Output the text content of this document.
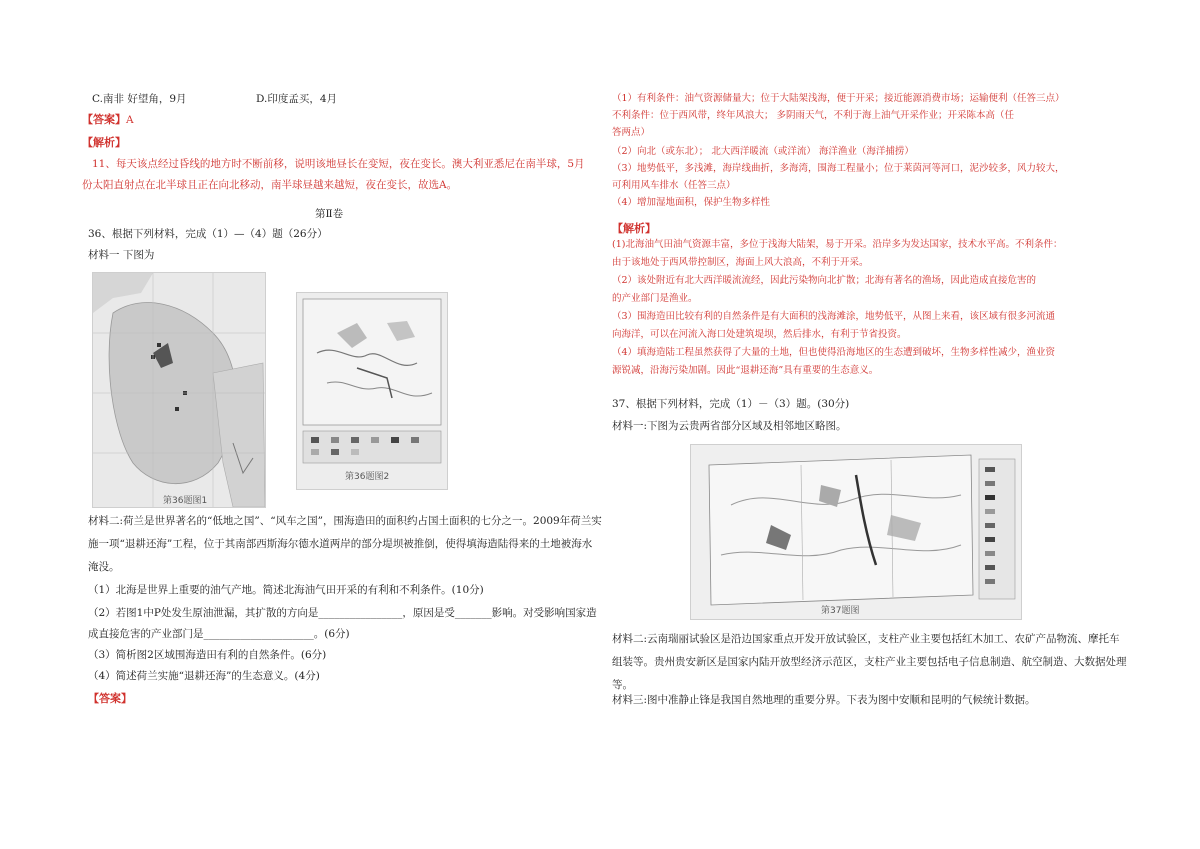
C.南非 好望角，9月	D.印度孟买，4月
【答案】A
【解析】
11、每天该点经过昏线的地方时不断前移，说明该地昼长在变短，夜在变长。澳大利亚悉尼在南半球，5月
份太阳直射点在北半球且正在向北移动，南半球昼越来越短，夜在变长，故选A。
第Ⅱ卷
36、根据下列材料，完成（1）—（4）题（26分）
材料一 下图为
第36题图1
第36题图2
材料二:荷兰是世界著名的“低地之国”、“风车之国”，围海造田的面积约占国土面积的七分之一。2009年荷兰实
施一项“退耕还海”工程，位于其南部西斯海尔德水道两岸的部分堤坝被推倒，使得填海造陆得来的土地被海水
淹没。
（1）北海是世界上重要的油气产地。简述北海油气田开采的有利和不利条件。(10分)
（2）若图1中P处发生原油泄漏，其扩散的方向是________________，原因是受_______影响。对受影响国家造
成直接危害的产业部门是_____________________。(6分)
（3）简析图2区域围海造田有利的自然条件。(6分)
（4）简述荷兰实施“退耕还海”的生态意义。(4分)
【答案】
（1）有利条件：油气资源储量大；位于大陆架浅海，便于开采；接近能源消费市场；运输便利（任答三点）
不利条件：位于西风带，终年风浪大； 多阴雨天气，不利于海上油气开采作业；开采陈本高（任
答两点）
（2）向北（或东北）； 北大西洋暖流（或洋流） 海洋渔业（海洋捕捞）
（3）地势低平，多浅滩，海岸线曲折，多海湾，围海工程量小；位于莱茵河等河口，泥沙较多，风力较大，
可利用风车排水（任答三点）
（4）增加湿地面积，保护生物多样性
【解析】
(1)北海油气田油气资源丰富，多位于浅海大陆架，易于开采。沿岸多为发达国家，技术水平高。不利条件：
由于该地处于西风带控制区，海面上风大浪高，不利于开采。
（2）该处附近有北大西洋暖流流经，因此污染物向北扩散；北海有著名的渔场，因此造成直接危害的
的产业部门是渔业。
（3）围海造田比较有利的自然条件是有大面积的浅海滩涂，地势低平，从图上来看，该区域有很多河流通
向海洋，可以在河流入海口处建筑堤坝，然后排水，有利于节省投资。
（4）填海造陆工程虽然获得了大量的土地，但也使得沿海地区的生态遭到破坏，生物多样性减少，渔业资
源锐减，沿海污染加剧。因此“退耕还海”具有重要的生态意义。
37、根据下列材料，完成（1）－（3）题。(30分)
材料一:下图为云贵两省部分区域及相邻地区略图。
第37题图
材料二:云南瑞丽试验区是沿边国家重点开发开放试验区，支柱产业主要包括红木加工、农矿产品物流、摩托车
组装等。贵州贵安新区是国家内陆开放型经济示范区，支柱产业主要包括电子信息制造、航空制造、大数据处理
等。
材料三:图中准静止锋是我国自然地理的重要分界。下表为图中安顺和昆明的气候统计数据。
